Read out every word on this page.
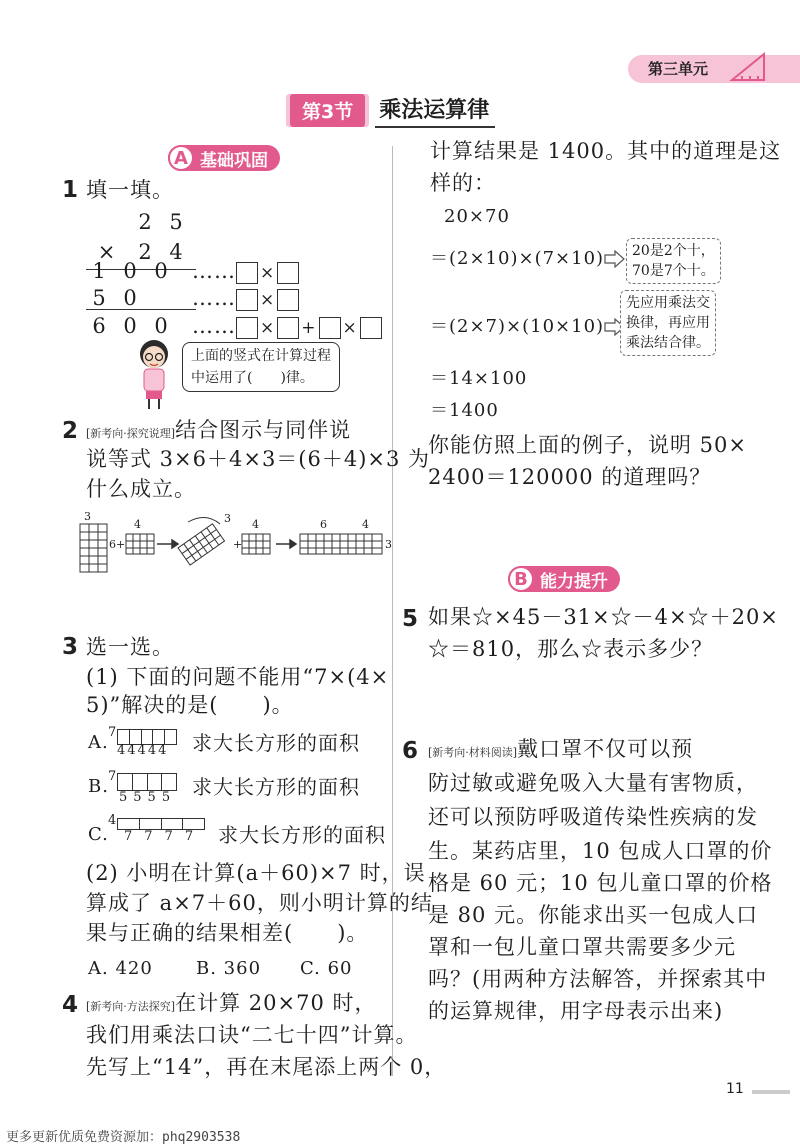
第三单元
第3节	乘法运算律
A 基础巩固
1 填一填。
2 5
× 2 4
1 0 0	…… ×
5 0	…… ×
6 0 0	…… × + ×
上面的竖式在计算过程
中运用了(　　)律。
2 [新考向·探究说理]结合图示与同伴说
说等式 3×6＋4×3＝(6＋4)×3 为
什么成立。
3
6 +
4	3
+
4	6	4
3
3 选一选。
(1) 下面的问题不能用“7×(4×
5)”解决的是(　　)。
A. 7
44444 求大长方形的面积
B. 7
5555 求大长方形的面积
C.
4
7777 求大长方形的面积
(2) 小明在计算(a＋60)×7 时，误
算成了 a×7＋60，则小明计算的结
果与正确的结果相差(　　)。
A. 420 B. 360 C. 60
4 [新考向·方法探究]在计算 20×70 时，
我们用乘法口诀“二七十四”计算。
先写上“14”，再在末尾添上两个 0，
计算结果是 1400。其中的道理是这
样的：
20×70
＝(2×10)×(7×10) 20是2个十，
70是7个十。
＝(2×7)×(10×10)
先应用乘法交
换律，再应用
乘法结合律。
＝14×100
＝1400
你能仿照上面的例子，说明 50×
2400＝120000 的道理吗？
B 能力提升
5 如果☆×45－31×☆－4×☆＋20×
☆＝810，那么☆表示多少？
6 [新考向·材料阅读]戴口罩不仅可以预
防过敏或避免吸入大量有害物质，
还可以预防呼吸道传染性疾病的发
生。某药店里，10 包成人口罩的价
格是 60 元；10 包儿童口罩的价格
是 80 元。你能求出买一包成人口
罩和一包儿童口罩共需要多少元
吗？(用两种方法解答，并探索其中
的运算规律，用字母表示出来)
11
更多更新优质免费资源加：phq2903538
